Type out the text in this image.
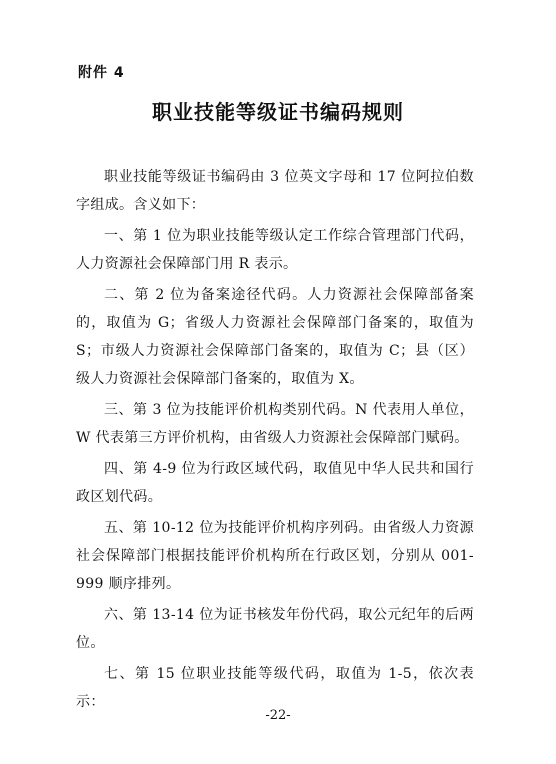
附件 4
职业技能等级证书编码规则

职业技能等级证书编码由 3 位英文字母和 17 位阿拉伯数字组成。含义如下：

一、第 1 位为职业技能等级认定工作综合管理部门代码，人力资源社会保障部门用 R 表示。

二、第 2 位为备案途径代码。人力资源社会保障部备案的，取值为 G；省级人力资源社会保障部门备案的，取值为 S；市级人力资源社会保障部门备案的，取值为 C；县（区）级人力资源社会保障部门备案的，取值为 X。

三、第 3 位为技能评价机构类别代码。N 代表用人单位，W 代表第三方评价机构，由省级人力资源社会保障部门赋码。

四、第 4-9 位为行政区域代码，取值见中华人民共和国行政区划代码。

五、第 10-12 位为技能评价机构序列码。由省级人力资源社会保障部门根据技能评价机构所在行政区划，分别从 001-999 顺序排列。

六、第 13-14 位为证书核发年份代码，取公元纪年的后两位。

七、第 15 位职业技能等级代码，取值为 1-5，依次表示：

-22-
